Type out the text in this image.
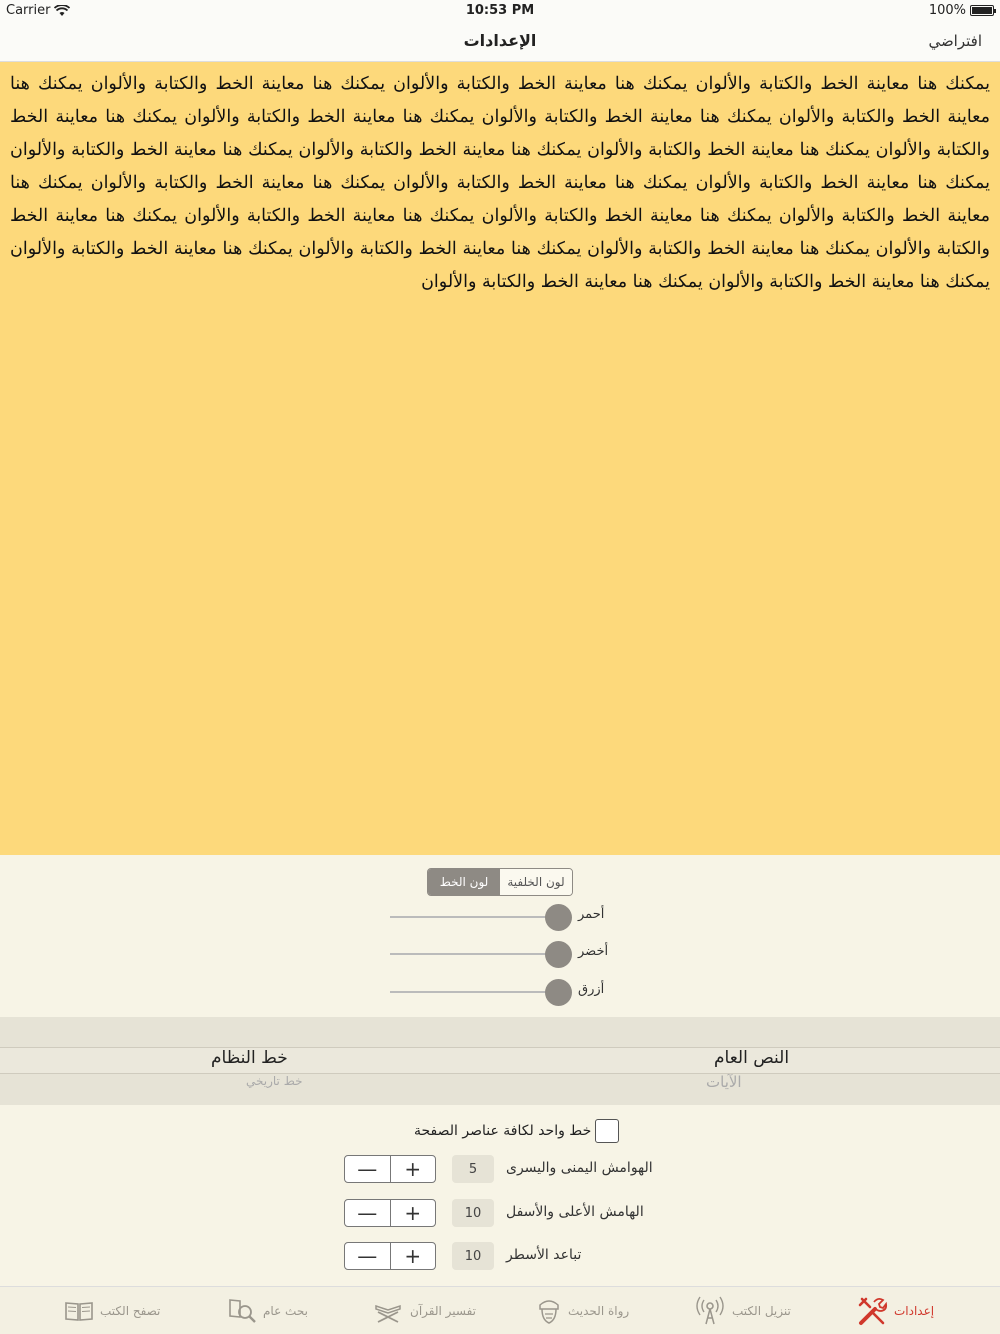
Carrier	10:53 PM	100%
الإعدادات	افتراضي

يمكنك هنا معاينة الخط والكتابة والألوان يمكنك هنا معاينة الخط والكتابة والألوان يمكنك هنا معاينة الخط والكتابة والألوان يمكنك هنا معاينة الخط والكتابة والألوان يمكنك هنا معاينة الخط والكتابة والألوان يمكنك هنا معاينة الخط والكتابة والألوان يمكنك هنا معاينة الخط والكتابة والألوان يمكنك هنا معاينة الخط والكتابة والألوان يمكنك هنا معاينة الخط والكتابة والألوان يمكنك هنا معاينة الخط والكتابة والألوان يمكنك هنا معاينة الخط والكتابة والألوان يمكنك هنا معاينة الخط والكتابة والألوان يمكنك هنا معاينة الخط والكتابة والألوان يمكنك هنا معاينة الخط والكتابة والألوان يمكنك هنا معاينة الخط والكتابة والألوان يمكنك هنا معاينة الخط والكتابة والألوان يمكنك هنا معاينة الخط والكتابة والألوان يمكنك هنا معاينة الخط والكتابة والألوان يمكنك هنا معاينة الخط والكتابة والألوان يمكنك هنا معاينة الخط والكتابة والألوان يمكنك هنا معاينة الخط والكتابة والألوان يمكنك هنا معاينة الخط والكتابة والألوان

لون الخط	لون الخلفية
أحمر
أخضر
أزرق
خط النظام
خط تاريخي
النص العام
الآيات
خط واحد لكافة عناصر الصفحة
—	+	5	الهوامش اليمنى واليسرى
—	+	10	الهامش الأعلى والأسفل
—	+	10	تباعد الأسطر
تصفح الكتب	بحث عام	تفسير القرآن	رواة الحديث	تنزيل الكتب	إعدادات
